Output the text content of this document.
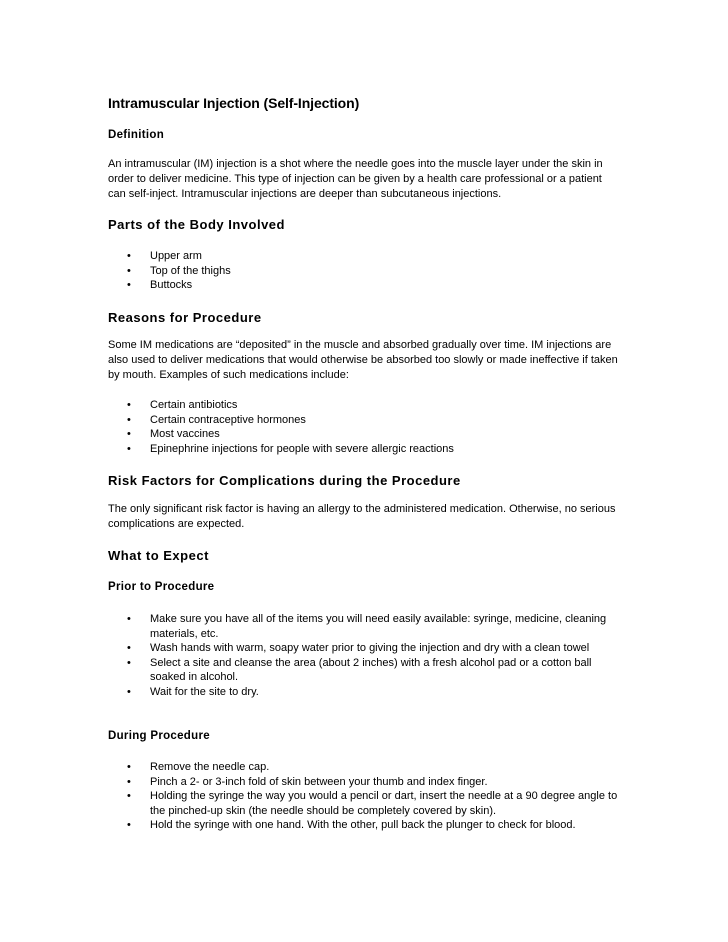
Intramuscular Injection (Self-Injection)
Definition

An intramuscular (IM) injection is a shot where the needle goes into the muscle layer under the skin in order to deliver medicine. This type of injection can be given by a health care professional or a patient can self-inject. Intramuscular injections are deeper than subcutaneous injections.

Parts of the Body Involved
• Upper arm
• Top of the thighs
• Buttocks
Reasons for Procedure

Some IM medications are “deposited” in the muscle and absorbed gradually over time. IM injections are also used to deliver medications that would otherwise be absorbed too slowly or made ineffective if taken by mouth. Examples of such medications include:

• Certain antibiotics
• Certain contraceptive hormones
• Most vaccines
• Epinephrine injections for people with severe allergic reactions
Risk Factors for Complications during the Procedure

The only significant risk factor is having an allergy to the administered medication. Otherwise, no serious complications are expected.

What to Expect
Prior to Procedure
• Make sure you have all of the items you will need easily available: syringe, medicine, cleaning materials, etc.
• Wash hands with warm, soapy water prior to giving the injection and dry with a clean towel
• Select a site and cleanse the area (about 2 inches) with a fresh alcohol pad or a cotton ball soaked in alcohol.
• Wait for the site to dry.
During Procedure
• Remove the needle cap.
• Pinch a 2- or 3-inch fold of skin between your thumb and index finger.
• Holding the syringe the way you would a pencil or dart, insert the needle at a 90 degree angle to the pinched-up skin (the needle should be completely covered by skin).
• Hold the syringe with one hand. With the other, pull back the plunger to check for blood.
